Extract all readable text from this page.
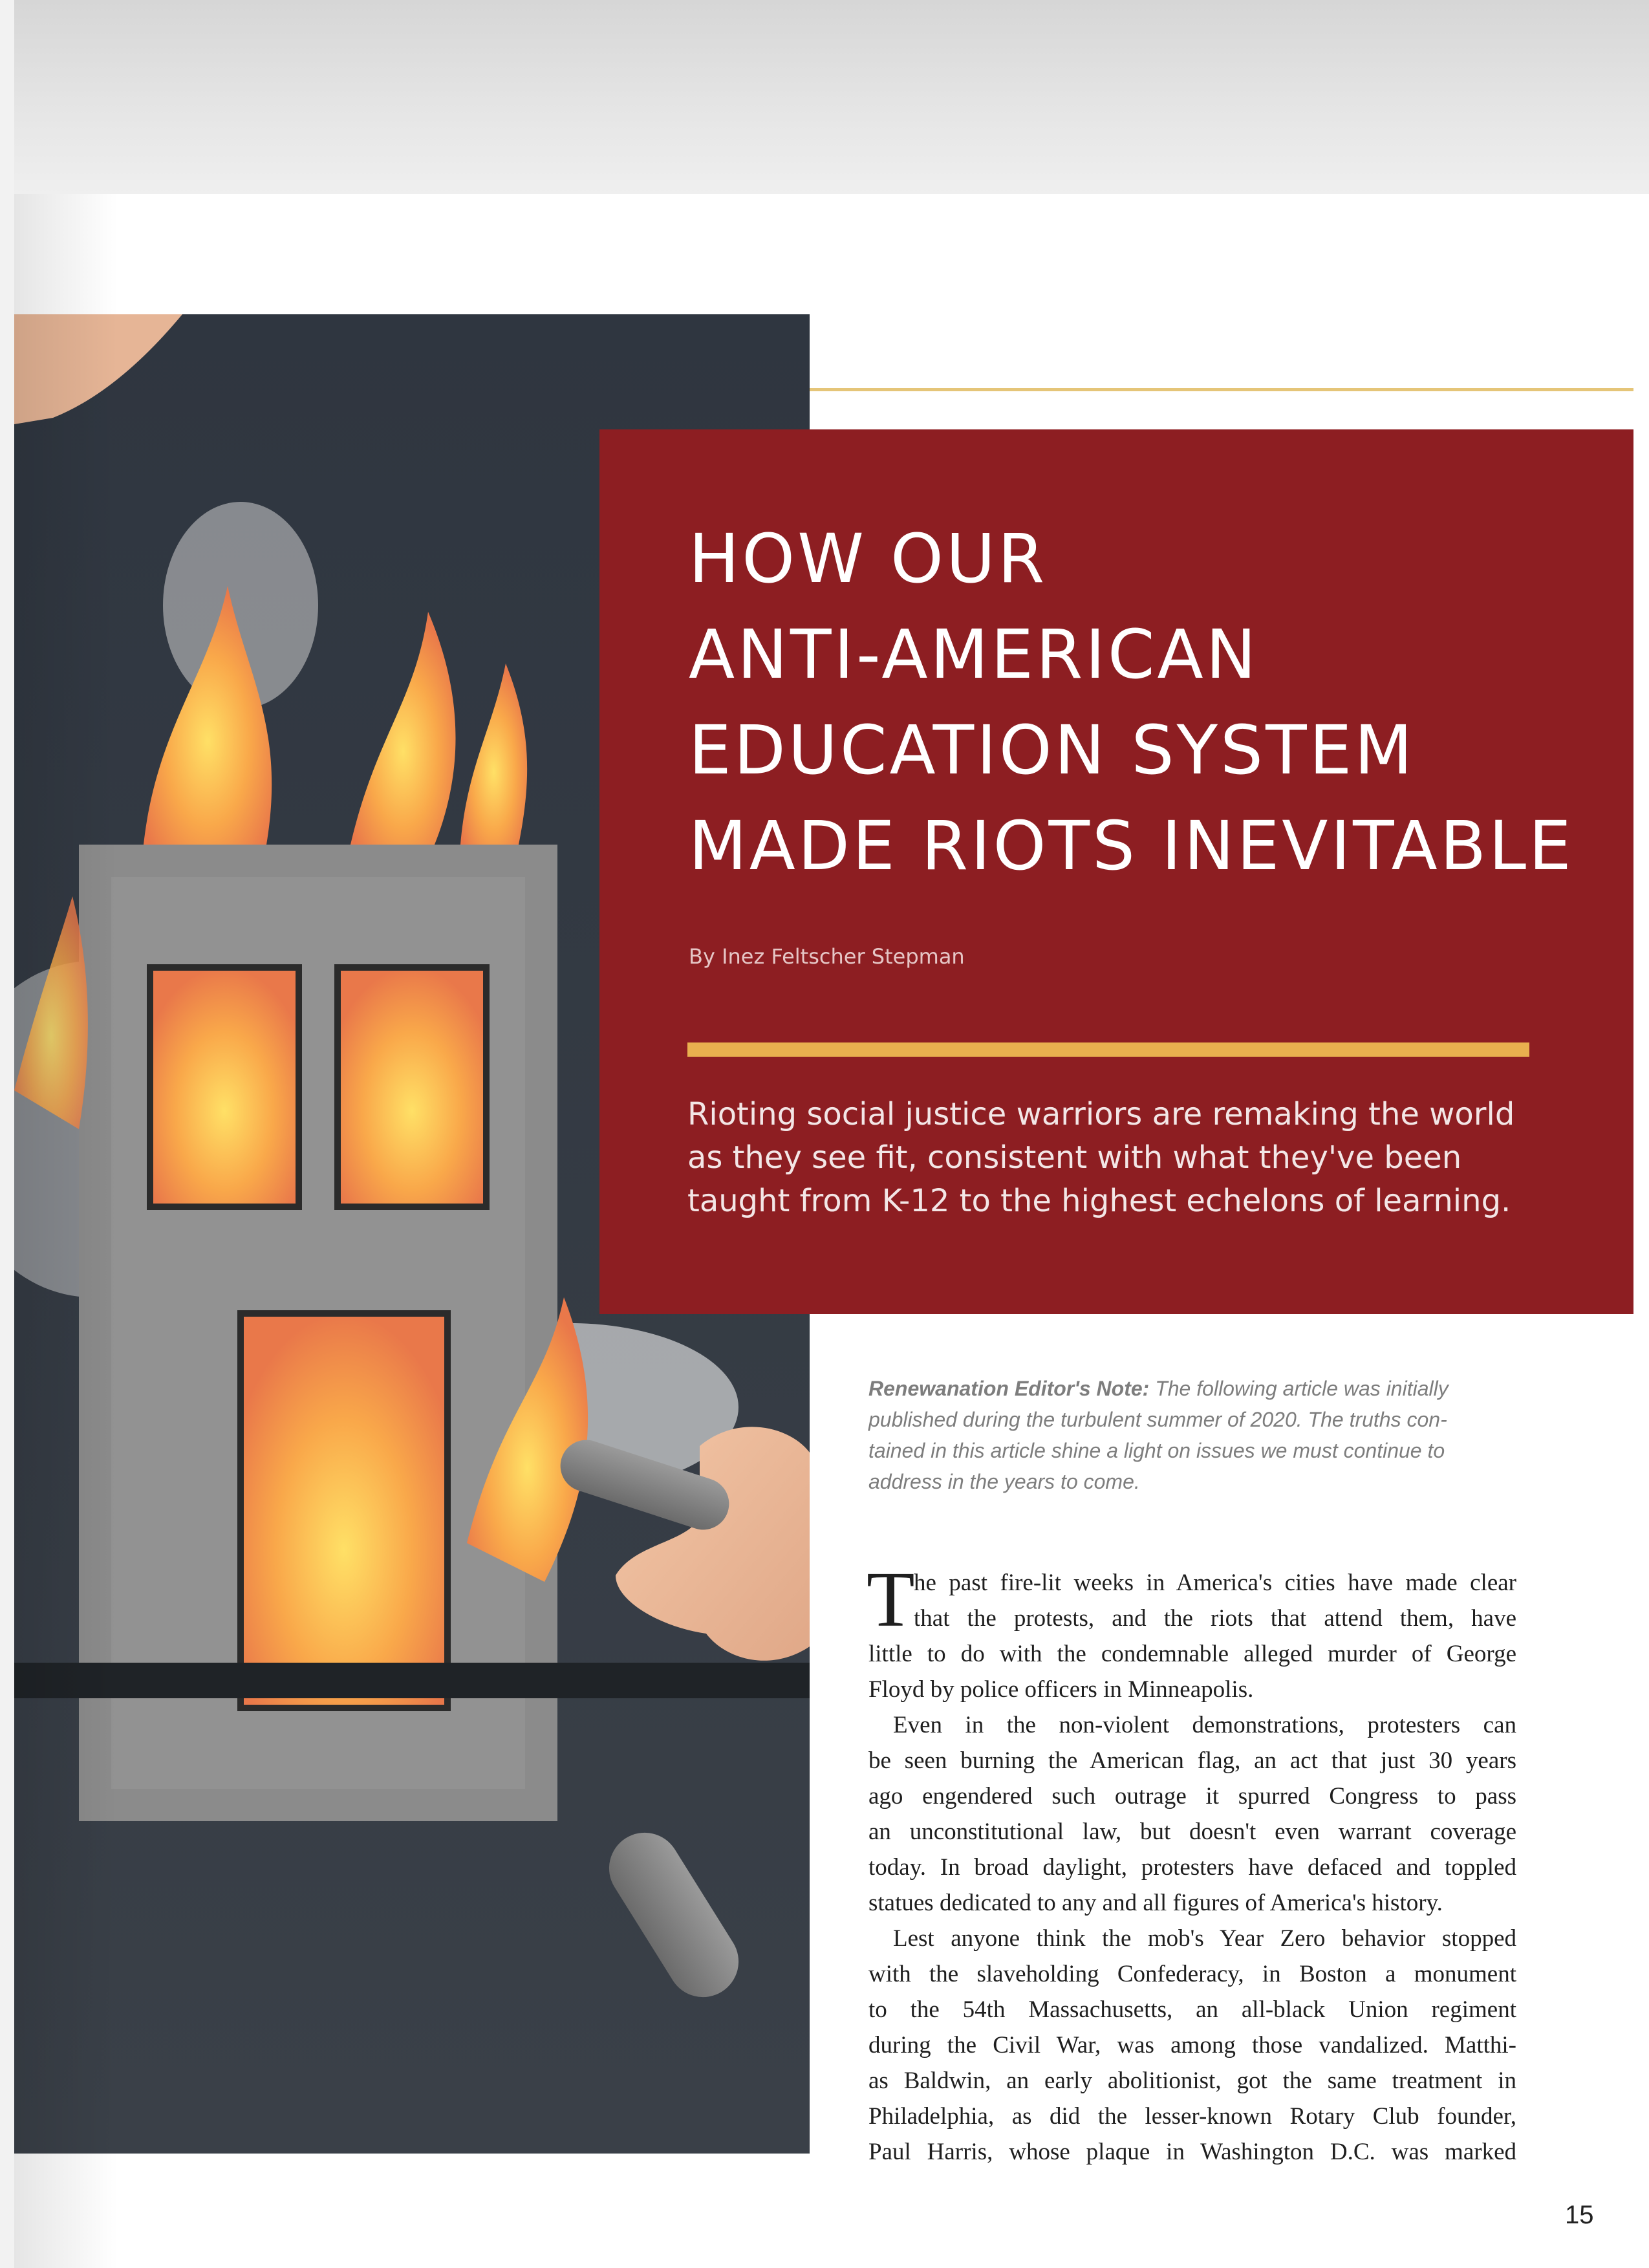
HOW OUR
ANTI-AMERICAN
EDUCATION SYSTEM
MADE RIOTS INEVITABLE
By Inez Feltscher Stepman
Rioting social justice warriors are remaking the world
as they see fit, consistent with what they've been
taught from K-12 to the highest echelons of learning.
Renewanation Editor's Note: The following article was initially
published during the turbulent summer of 2020. The truths con-
tained in this article shine a light on issues we must continue to
address in the years to come.
T
he past fire-lit weeks in America's cities have made clear
that the protests, and the riots that attend them, have
little to do with the condemnable alleged murder of George
Floyd by police officers in Minneapolis.
Even in the non-violent demonstrations, protesters can
be seen burning the American flag, an act that just 30 years
ago engendered such outrage it spurred Congress to pass
an unconstitutional law, but doesn't even warrant coverage
today. In broad daylight, protesters have defaced and toppled
statues dedicated to any and all figures of America's history.
Lest anyone think the mob's Year Zero behavior stopped
with the slaveholding Confederacy, in Boston a monument
to the 54th Massachusetts, an all-black Union regiment
during the Civil War, was among those vandalized. Matthi-
as Baldwin, an early abolitionist, got the same treatment in
Philadelphia, as did the lesser-known Rotary Club founder,
Paul Harris, whose plaque in Washington D.C. was marked
15
